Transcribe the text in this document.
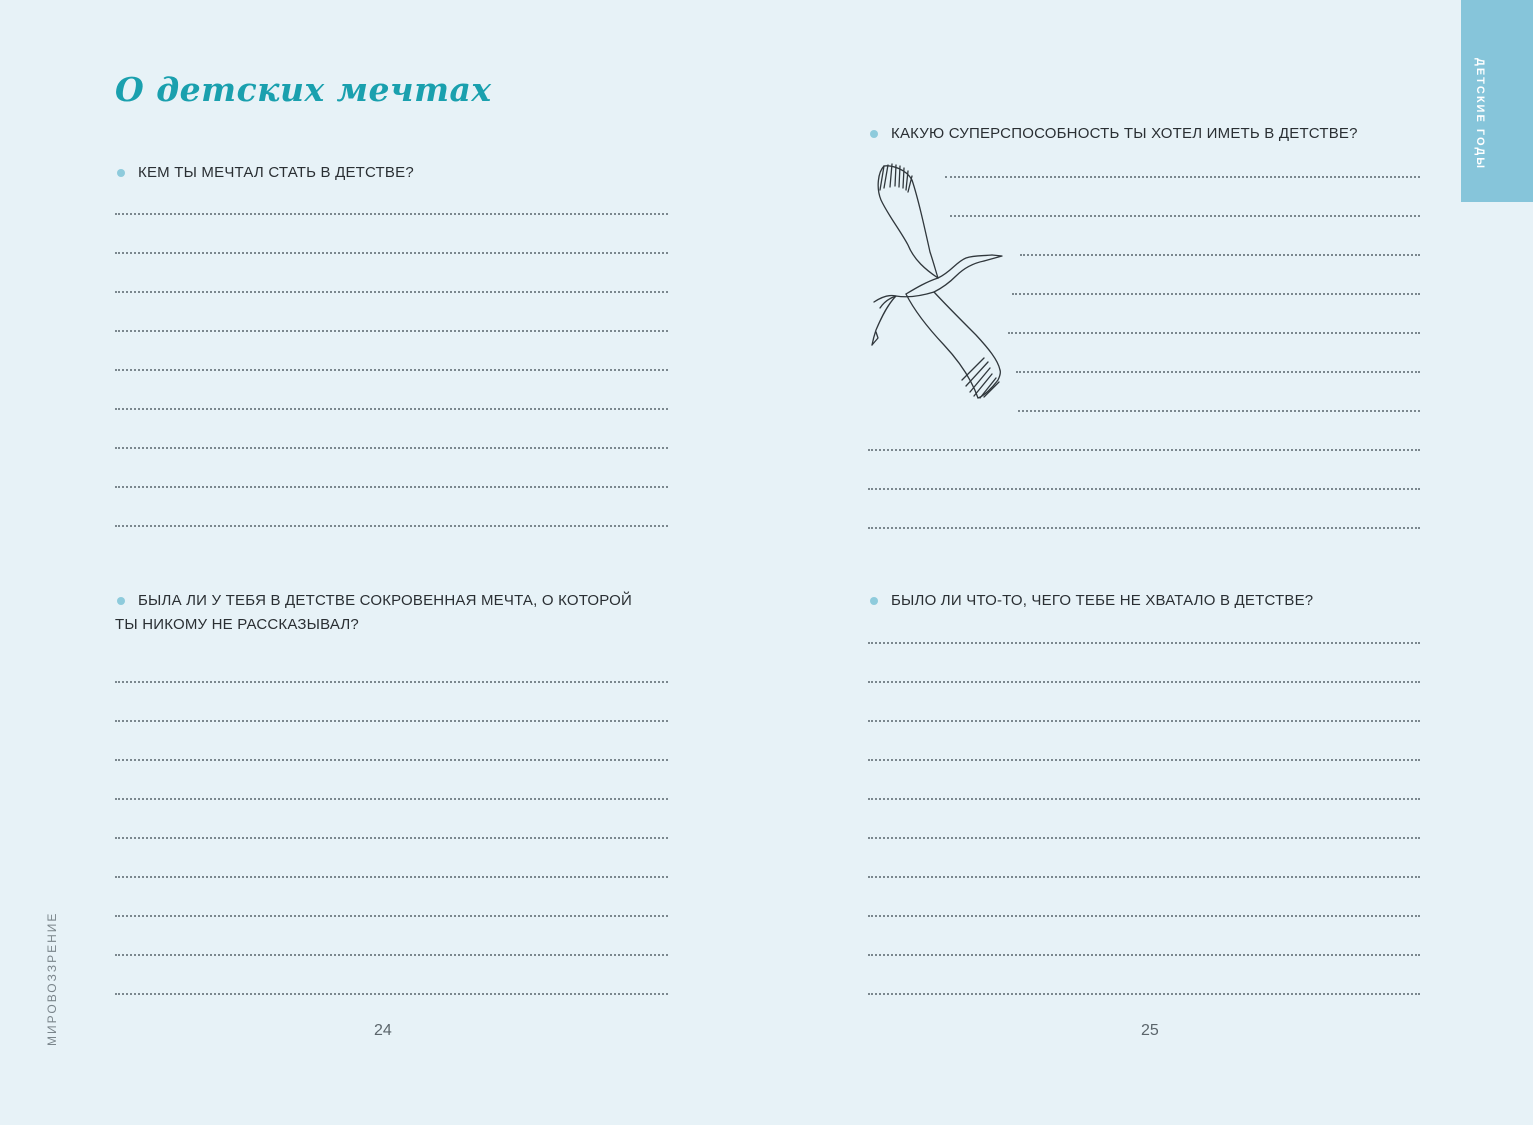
ДЕТСКИЕ ГОДЫ
МИРОВОЗЗРЕНИЕ
О детских мечтах
КЕМ ТЫ МЕЧТАЛ СТАТЬ В ДЕТСТВЕ?
КАКУЮ СУПЕРСПОСОБНОСТЬ ТЫ ХОТЕЛ ИМЕТЬ В ДЕТСТВЕ?
БЫЛА ЛИ У ТЕБЯ В ДЕТСТВЕ СОКРОВЕННАЯ МЕЧТА, О КОТОРОЙ ТЫ НИКОМУ НЕ РАССКАЗЫВАЛ?
БЫЛО ЛИ ЧТО-ТО, ЧЕГО ТЕБЕ НЕ ХВАТАЛО В ДЕТСТВЕ?
24	25
